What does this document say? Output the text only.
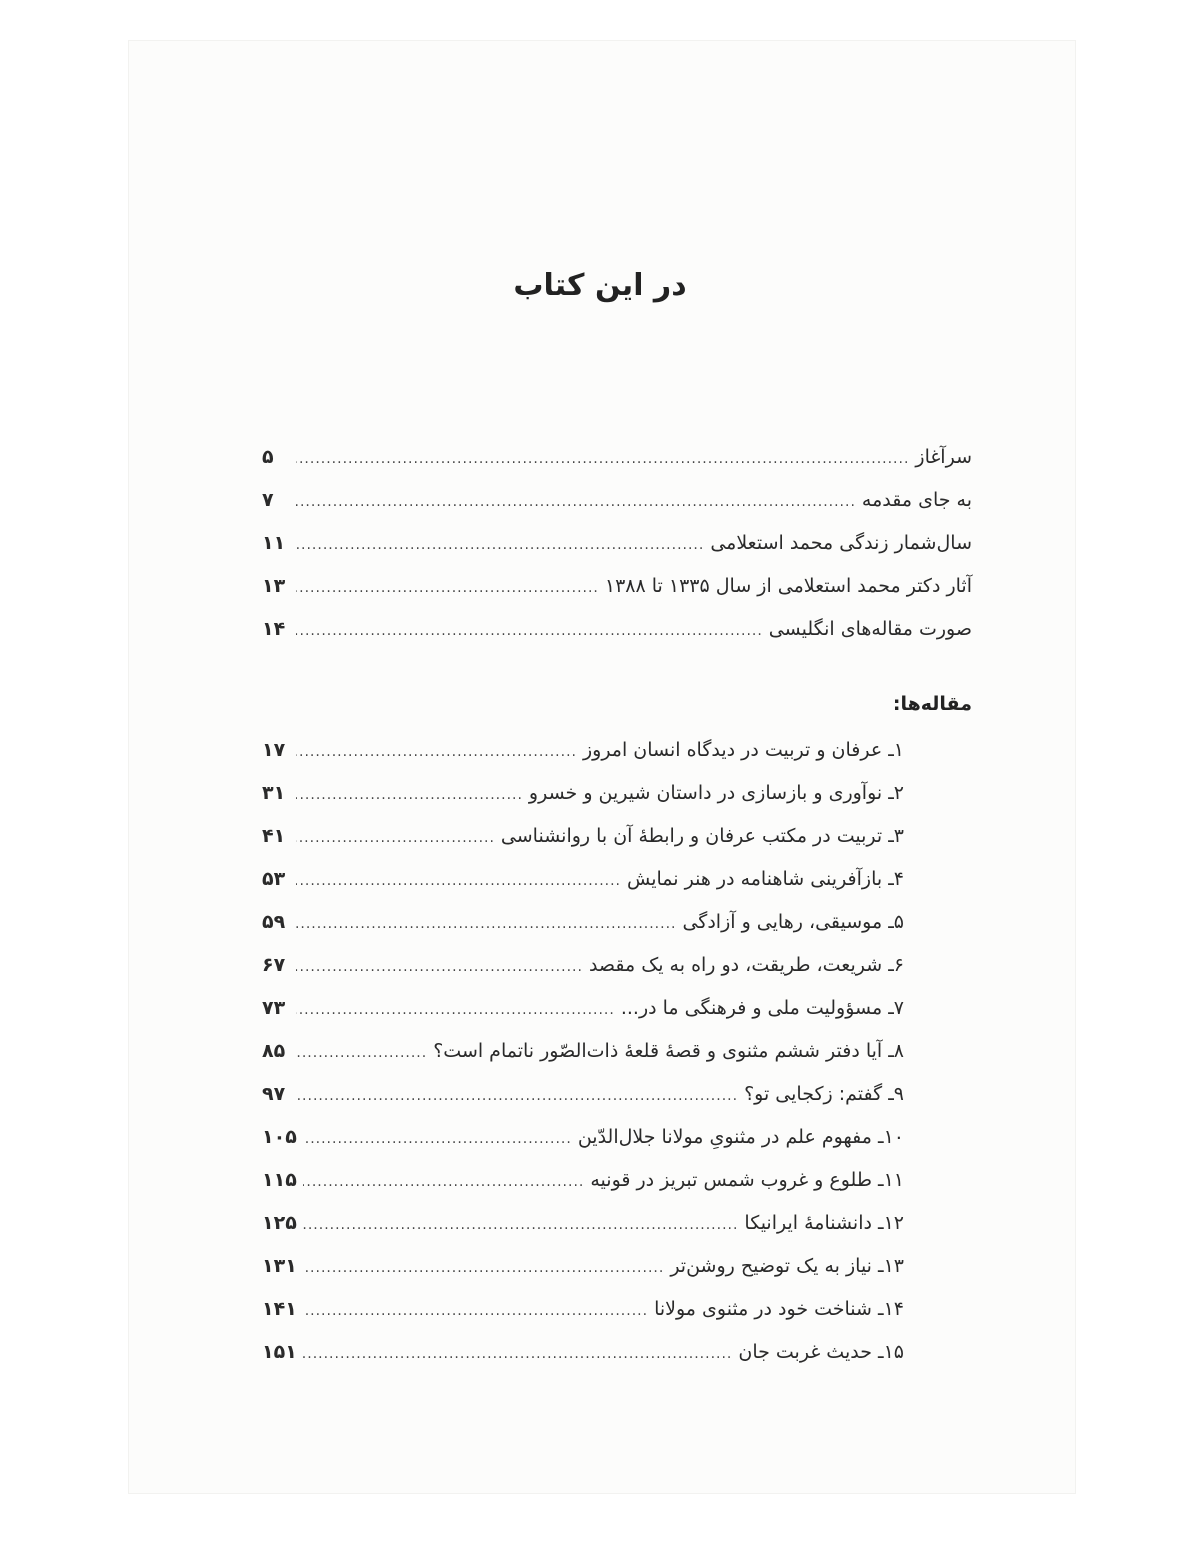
در این کتاب
سرآغاز
.....
۵
به جای مقدمه
.....
۷
سال‌شمار زندگی محمد استعلامی
.....
۱۱
آثار دکتر محمد استعلامی از سال ۱۳۳۵ تا ۱۳۸۸
.....
۱۳
صورت مقاله‌های انگلیسی
.....
۱۴
مقاله‌ها:
۱ـ عرفان و تربیت در دیدگاه انسان امروز
.....
۱۷
۲ـ نوآوری و بازسازی در داستان شیرین و خسرو
.....
۳۱
۳ـ تربیت در مکتب عرفان و رابطهٔ آن با روانشناسی
.....
۴۱
۴ـ بازآفرینی شاهنامه در هنر نمایش
.....
۵۳
۵ـ موسیقی، رهایی و آزادگی
.....
۵۹
۶ـ شریعت، طریقت، دو راه به یک مقصد
.....
۶۷
۷ـ مسؤولیت ملی و فرهنگی ما در...
.....
۷۳
۸ـ آیا دفتر ششم مثنوی و قصهٔ قلعهٔ ذات‌الصّور ناتمام است؟
.....
۸۵
۹ـ گفتم: زکجایی تو؟
.....
۹۷
۱۰ـ مفهوم علم در مثنویِ مولانا جلال‌الدّین
.....
۱۰۵
۱۱ـ طلوع و غروب شمس تبریز در قونیه
.....
۱۱۵
۱۲ـ دانشنامهٔ ایرانیکا
.....
۱۲۵
۱۳ـ نیاز به یک توضیح روشن‌تر
.....
۱۳۱
۱۴ـ شناخت خود در مثنوی مولانا
.....
۱۴۱
۱۵ـ حدیث غربت جان
.....
۱۵۱
